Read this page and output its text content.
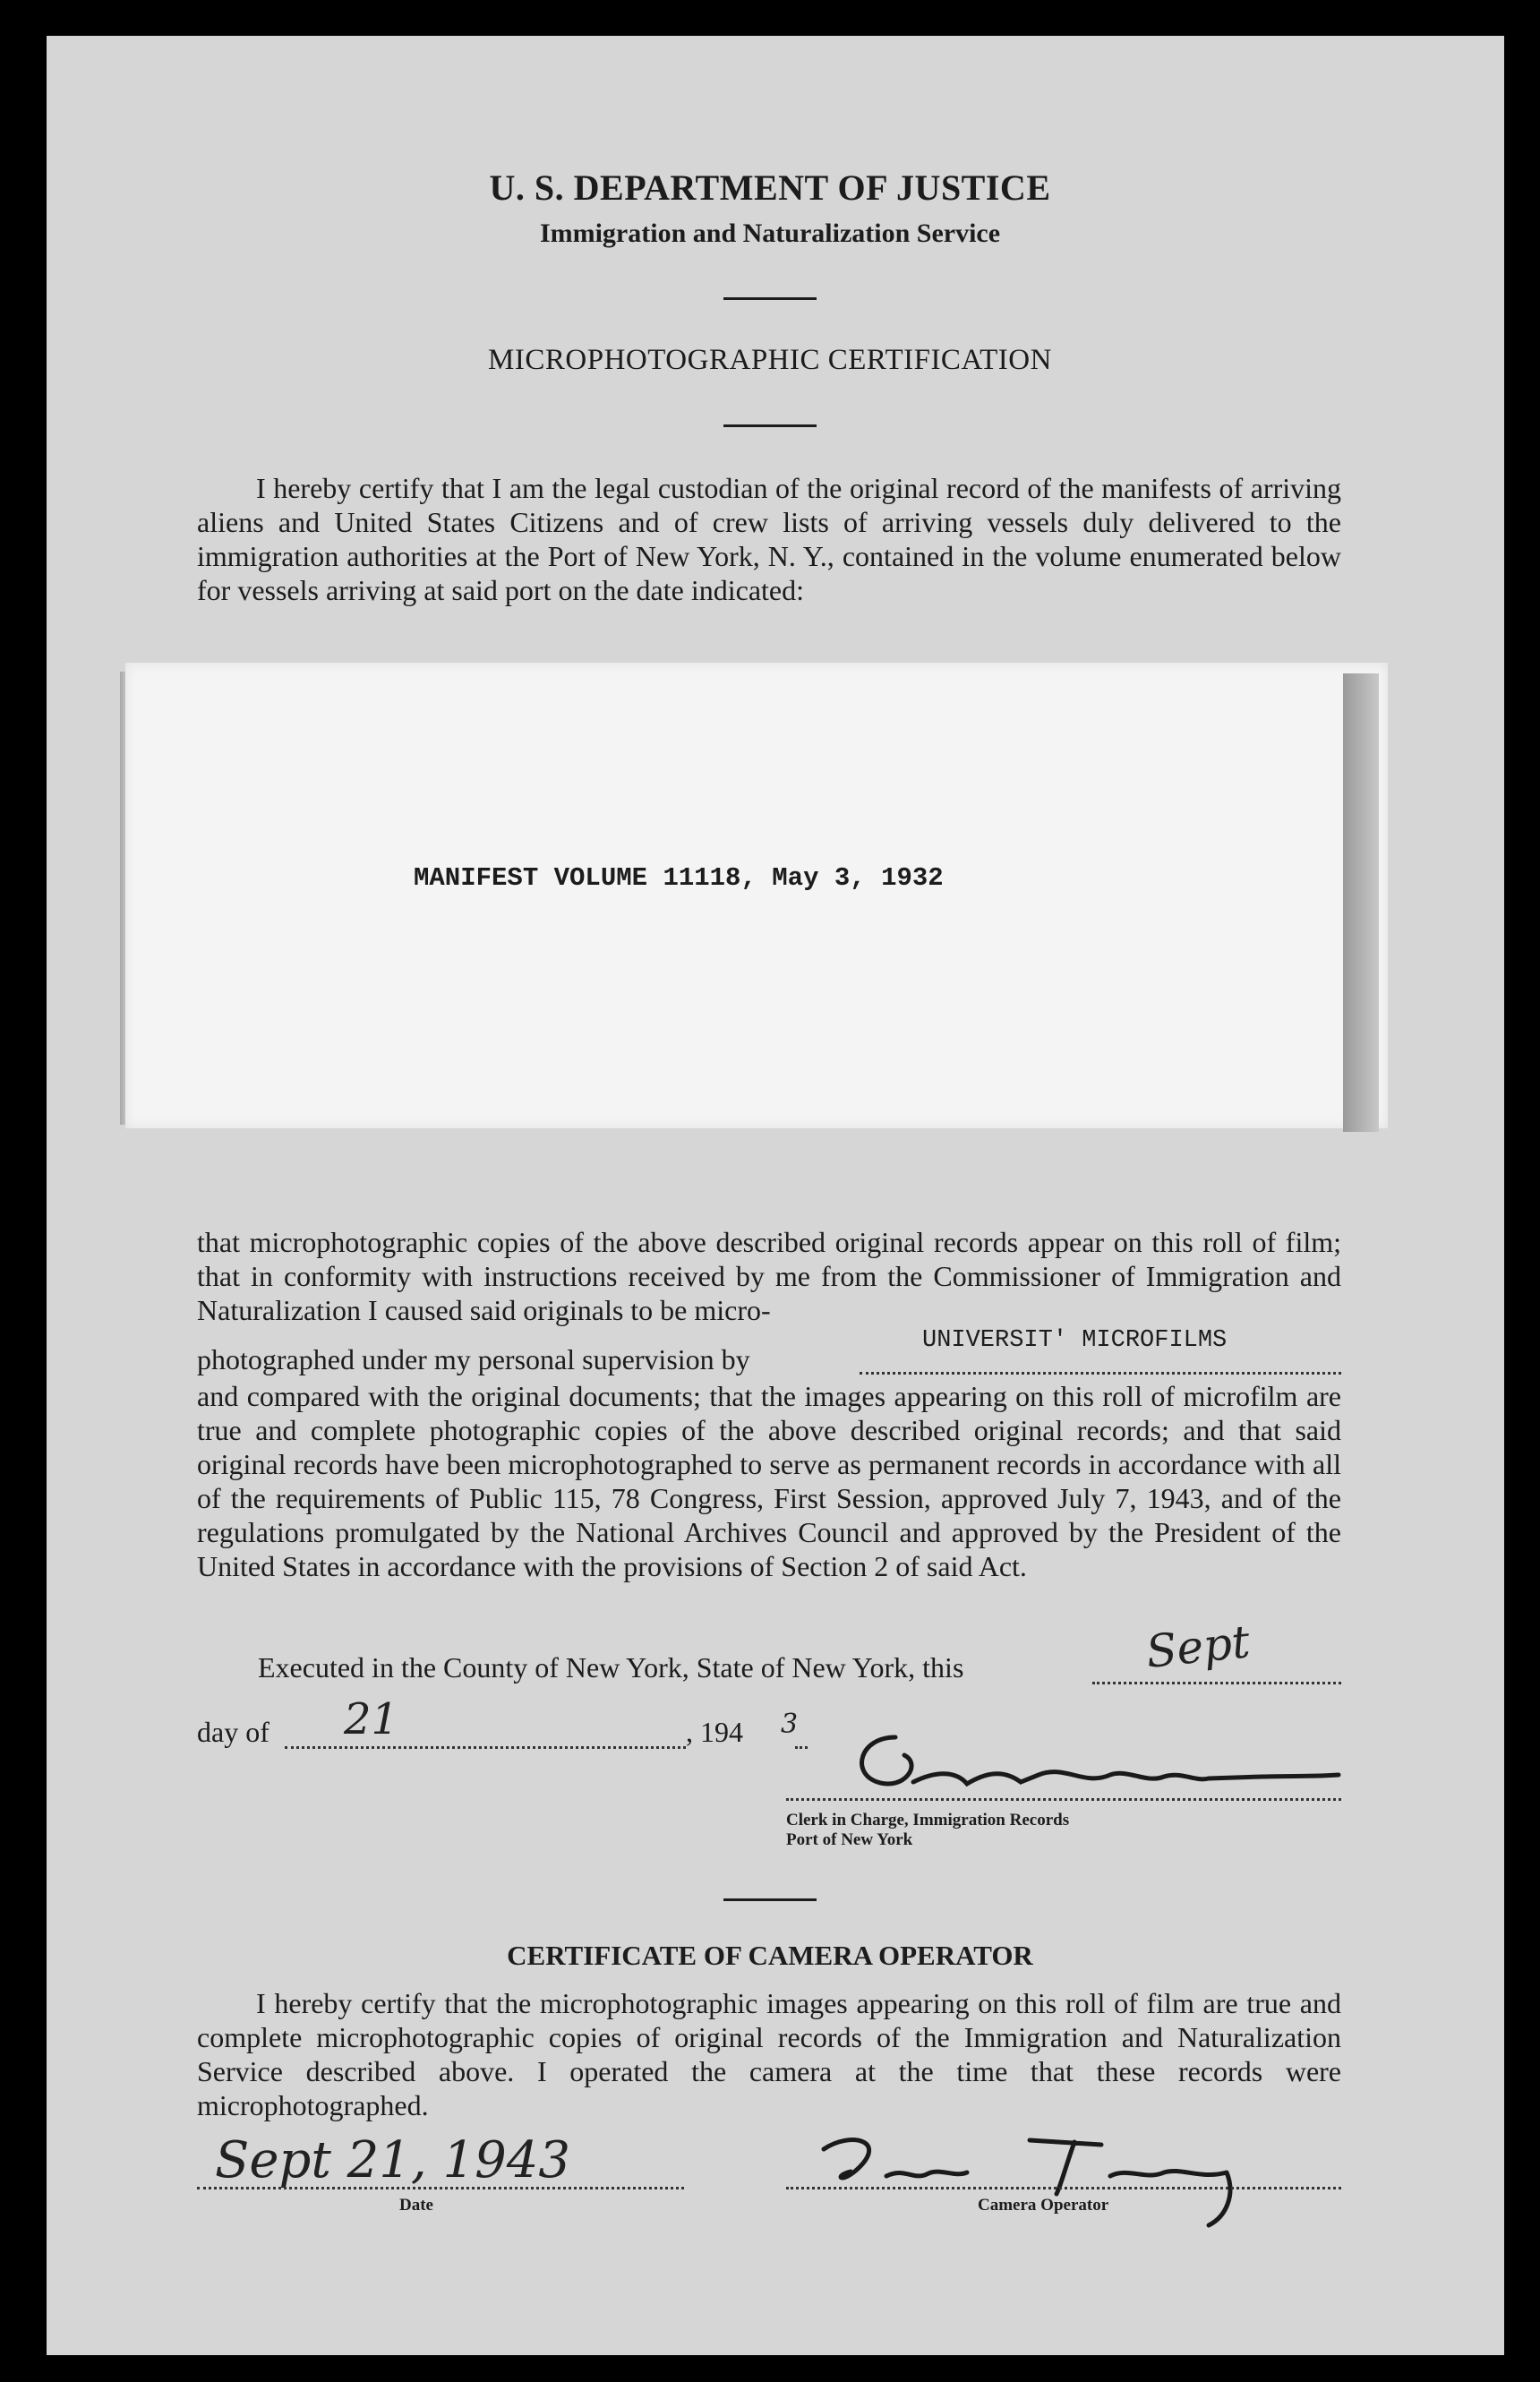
U. S. DEPARTMENT OF JUSTICE
Immigration and Naturalization Service
MICROPHOTOGRAPHIC CERTIFICATION

I hereby certify that I am the legal custodian of the original record of the manifests of arriving aliens and United States Citizens and of crew lists of arriving vessels duly delivered to the immigration authorities at the Port of New York, N. Y., contained in the volume enumerated below for vessels arriving at said port on the date indicated:

MANIFEST VOLUME 11118, May 3, 1932

that microphotographic copies of the above described original records appear on this roll of film; that in conformity with instructions received by me from the Commissioner of Immigration and Naturalization I caused said originals to be micro-

photographed under my personal supervision by
UNIVERSIT' MICROFILMS

and compared with the original documents; that the images appearing on this roll of microfilm are true and complete photographic copies of the above described original records; and that said original records have been microphotographed to serve as permanent records in accordance with all of the requirements of Public 115, 78 Congress, First Session, approved July 7, 1943, and of the regulations promulgated by the National Archives Council and approved by the President of the United States in accordance with the provisions of Section 2 of said Act.

Executed in the County of New York, State of New York, this	Sept
day of 21	, 194 3
Clerk in Charge, Immigration Records
Port of New York
CERTIFICATE OF CAMERA OPERATOR

I hereby certify that the microphotographic images appearing on this roll of film are true and complete microphotographic copies of original records of the Immigration and Naturalization Service described above. I operated the camera at the time that these records were microphotographed.

Sept 21, 1943
Date	Camera Operator
